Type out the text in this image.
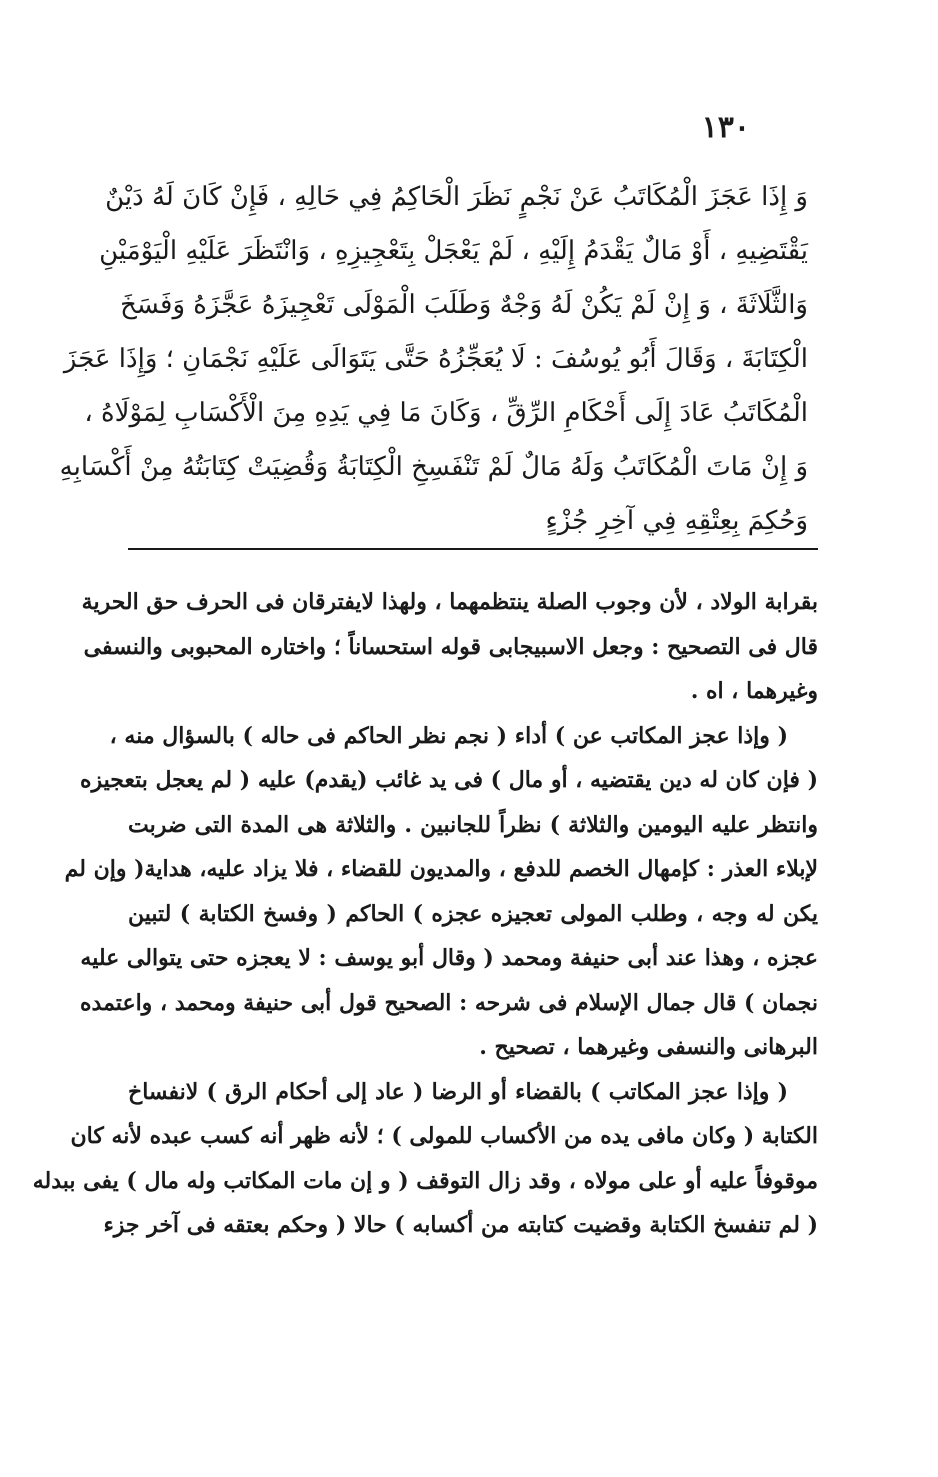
١٣٠
وَ إِذَا عَجَزَ الْمُكَاتَبُ عَنْ نَجْمٍ نَظَرَ الْحَاكِمُ فِي حَالِهِ ، فَإِنْ كَانَ لَهُ دَيْنٌ
يَقْتَضِيهِ ، أَوْ مَالٌ يَقْدَمُ إِلَيْهِ ، لَمْ يَعْجَلْ بِتَعْجِيزِهِ ، وَانْتَظَرَ عَلَيْهِ الْيَوْمَيْنِ
وَالثَّلَاثَةَ ، وَ إِنْ لَمْ يَكُنْ لَهُ وَجْهٌ وَطَلَبَ الْمَوْلَى تَعْجِيزَهُ عَجَّزَهُ وَفَسَخَ
الْكِتَابَةَ ، وَقَالَ أَبُو يُوسُفَ : لَا يُعَجِّزُهُ حَتَّى يَتَوَالَى عَلَيْهِ نَجْمَانِ ؛ وَإِذَا عَجَزَ
الْمُكَاتَبُ عَادَ إِلَى أَحْكَامِ الرِّقِّ ، وَكَانَ مَا فِي يَدِهِ مِنَ الْأَكْسَابِ لِمَوْلَاهُ ،
وَ إِنْ مَاتَ الْمُكَاتَبُ وَلَهُ مَالٌ لَمْ تَنْفَسِخِ الْكِتَابَةُ وَقُضِيَتْ كِتَابَتُهُ مِنْ أَكْسَابِهِ
وَحُكِمَ بِعِتْقِهِ فِي آخِرِ جُزْءٍ
بقرابة الولاد ، لأن وجوب الصلة ينتظمهما ، ولهذا لايفترقان فى الحرف حق الحرية
قال فى التصحيح : وجعل الاسبيجابى قوله استحساناً ؛ واختاره المحبوبى والنسفى
وغيرهما ، اه .
( وإذا عجز المكاتب عن ) أداء ( نجم نظر الحاكم فى حاله ) بالسؤال منه ،
( فإن كان له دين يقتضيه ، أو مال ) فى يد غائب (يقدم) عليه ( لم يعجل بتعجيزه
وانتظر عليه اليومين والثلاثة ) نظراً للجانبين . والثلاثة هى المدة التى ضربت
لإبلاء العذر : كإمهال الخصم للدفع ، والمديون للقضاء ، فلا يزاد عليه، هداية( وإن لم
يكن له وجه ، وطلب المولى تعجيزه عجزه ) الحاكم ( وفسخ الكتابة ) لتبين
عجزه ، وهذا عند أبى حنيفة ومحمد ( وقال أبو يوسف : لا يعجزه حتى يتوالى عليه
نجمان ) قال جمال الإسلام فى شرحه : الصحيح قول أبى حنيفة ومحمد ، واعتمده
البرهانى والنسفى وغيرهما ، تصحيح .
( وإذا عجز المكاتب ) بالقضاء أو الرضا ( عاد إلى أحكام الرق ) لانفساخ
الكتابة ( وكان مافى يده من الأكساب للمولى ) ؛ لأنه ظهر أنه كسب عبده لأنه كان
موقوفاً عليه أو على مولاه ، وقد زال التوقف ( و إن مات المكاتب وله مال ) يفى ببدله
( لم تنفسخ الكتابة وقضيت كتابته من أكسابه ) حالا ( وحكم بعتقه فى آخر جزء
